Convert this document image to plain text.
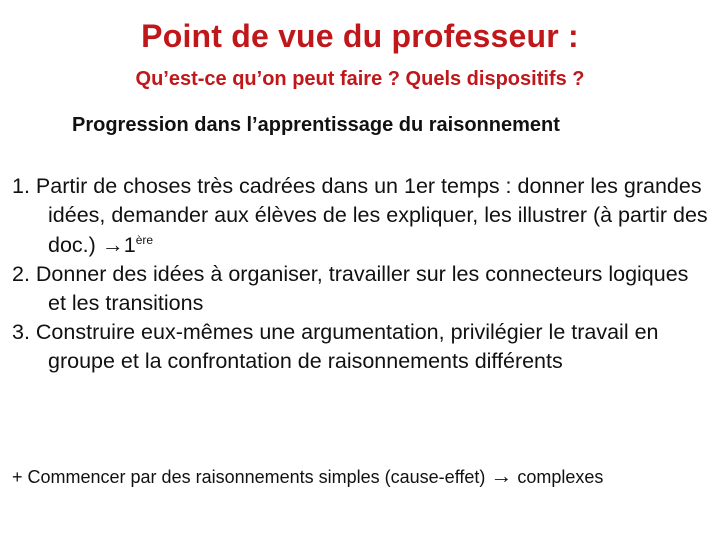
Point de vue du professeur :
Qu’est-ce qu’on peut faire ? Quels dispositifs ?
Progression dans l’apprentissage du raisonnement
1. Partir de choses très cadrées dans un 1er temps : donner les grandes idées, demander aux élèves de les expliquer, les illustrer (à partir des doc.) →1ère
2. Donner des idées à organiser, travailler sur les connecteurs logiques et les transitions
3. Construire eux-mêmes une argumentation, privilégier le travail en groupe et la confrontation de raisonnements différents
+ Commencer par des raisonnements simples (cause-effet) → complexes
